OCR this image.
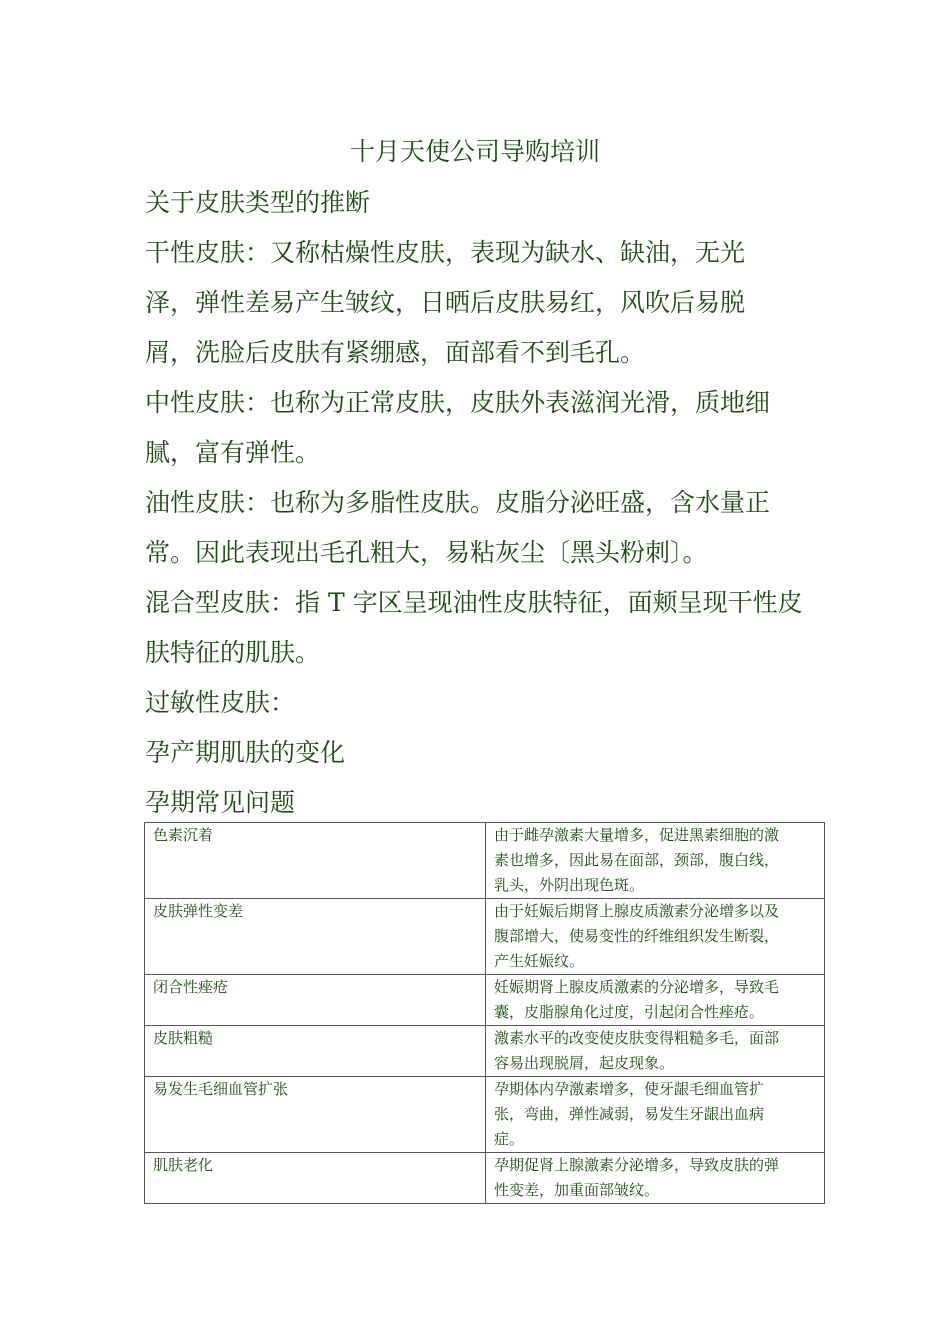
十月天使公司导购培训

关于皮肤类型的推断

干性皮肤：又称枯燥性皮肤，表现为缺水、缺油，无光
泽，弹性差易产生皱纹，日晒后皮肤易红，风吹后易脱
屑，洗脸后皮肤有紧绷感，面部看不到毛孔。

中性皮肤：也称为正常皮肤，皮肤外表滋润光滑，质地细
腻，富有弹性。

油性皮肤：也称为多脂性皮肤。皮脂分泌旺盛，含水量正
常。因此表现出毛孔粗大，易粘灰尘〔黑头粉刺〕。

混合型皮肤：指 T 字区呈现油性皮肤特征，面颊呈现干性皮
肤特征的肌肤。

过敏性皮肤：

孕产期肌肤的变化

孕期常见问题

色素沉着	由于雌孕激素大量增多，促进黑素细胞的激
素也增多，因此易在面部，颈部，腹白线，
乳头，外阴出现色斑。

皮肤弹性变差	由于妊娠后期肾上腺皮质激素分泌增多以及
腹部增大，使易变性的纤维组织发生断裂，
产生妊娠纹。

闭合性痤疮	妊娠期肾上腺皮质激素的分泌增多，导致毛
囊，皮脂腺角化过度，引起闭合性痤疮。

皮肤粗糙	激素水平的改变使皮肤变得粗糙多毛，面部
容易出现脱屑，起皮现象。

易发生毛细血管扩张	孕期体内孕激素增多，使牙龈毛细血管扩
张，弯曲，弹性减弱，易发生牙龈出血病
症。

肌肤老化	孕期促肾上腺激素分泌增多，导致皮肤的弹
性变差，加重面部皱纹。
